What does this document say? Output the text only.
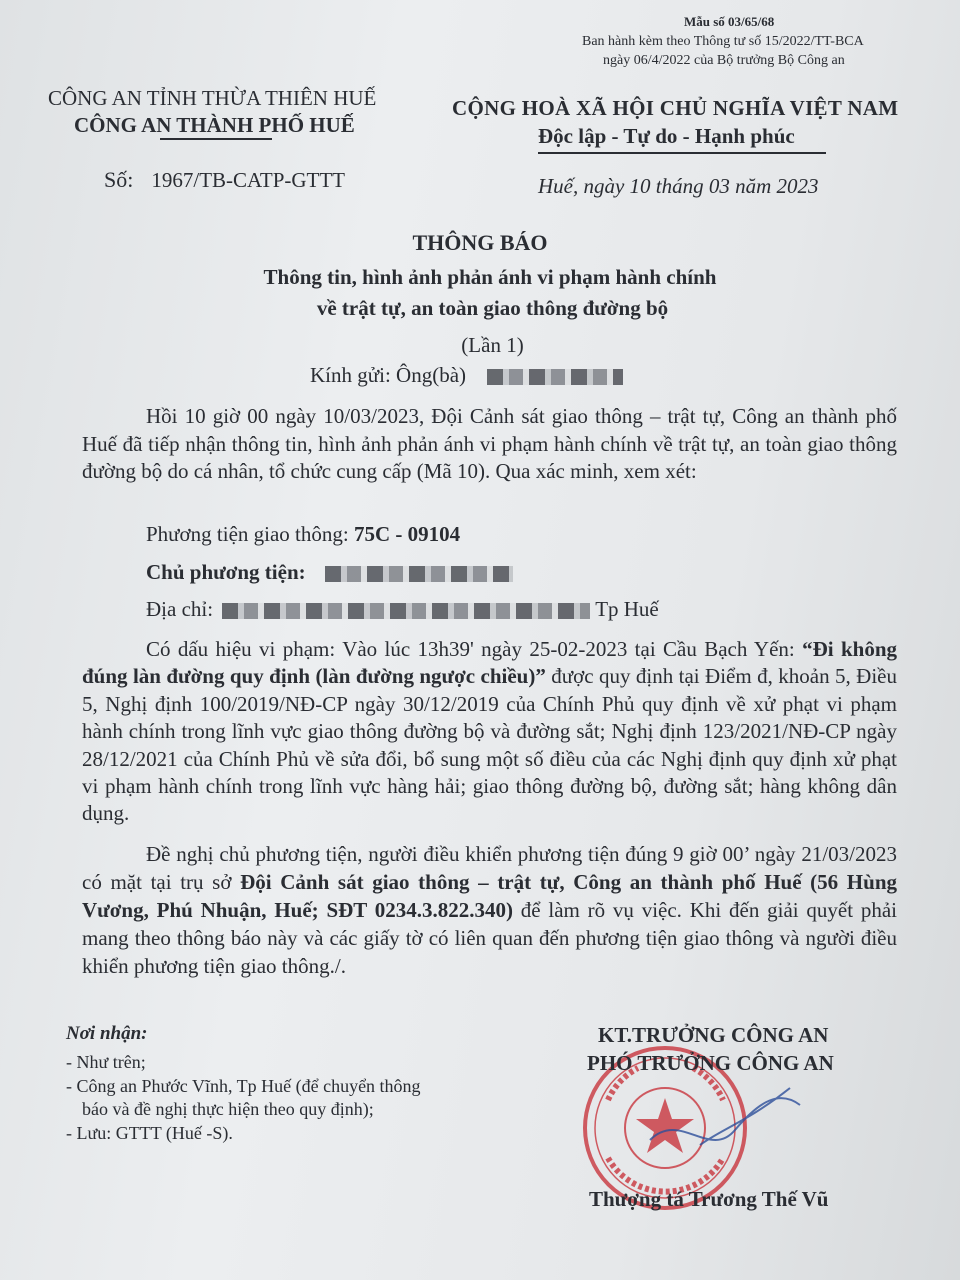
Mẫu số 03/65/68
Ban hành kèm theo Thông tư số 15/2022/TT-BCA
ngày 06/4/2022 của Bộ trưởng Bộ Công an
CÔNG AN TỈNH THỪA THIÊN HUẾ
CÔNG AN THÀNH PHỐ HUẾ
CỘNG HOÀ XÃ HỘI CHỦ NGHĨA VIỆT NAM
Độc lập - Tự do - Hạnh phúc
Số: 1967/TB-CATP-GTTT	Huế, ngày 10 tháng 03 năm 2023
THÔNG BÁO
Thông tin, hình ảnh phản ánh vi phạm hành chính
về trật tự, an toàn giao thông đường bộ
(Lần 1)
Kính gửi: Ông(bà)
Hồi 10 giờ 00 ngày 10/03/2023, Đội Cảnh sát giao thông – trật tự, Công an thành phố Huế đã tiếp nhận thông tin, hình ảnh phản ánh vi phạm hành chính về trật tự, an toàn giao thông đường bộ do cá nhân, tổ chức cung cấp (Mã 10). Qua xác minh, xem xét:
Phương tiện giao thông: 75C - 09104
Chủ phương tiện:
Địa chỉ:	Tp Huế
Có dấu hiệu vi phạm: Vào lúc 13h39' ngày 25-02-2023 tại Cầu Bạch Yến: “Đi không đúng làn đường quy định (làn đường ngược chiều)” được quy định tại Điểm đ, khoản 5, Điều 5, Nghị định 100/2019/NĐ-CP ngày 30/12/2019 của Chính Phủ quy định về xử phạt vi phạm hành chính trong lĩnh vực giao thông đường bộ và đường sắt; Nghị định 123/2021/NĐ-CP ngày 28/12/2021 của Chính Phủ về sửa đổi, bổ sung một số điều của các Nghị định quy định xử phạt vi phạm hành chính trong lĩnh vực hàng hải; giao thông đường bộ, đường sắt; hàng không dân dụng.
Đề nghị chủ phương tiện, người điều khiển phương tiện đúng 9 giờ 00’ ngày 21/03/2023 có mặt tại trụ sở Đội Cảnh sát giao thông – trật tự, Công an thành phố Huế (56 Hùng Vương, Phú Nhuận, Huế; SĐT 0234.3.822.340) để làm rõ vụ việc. Khi đến giải quyết phải mang theo thông báo này và các giấy tờ có liên quan đến phương tiện giao thông và người điều khiển phương tiện giao thông./.
Nơi nhận:
- Như trên;
- Công an Phước Vĩnh, Tp Huế (để chuyển thông
báo và đề nghị thực hiện theo quy định);
- Lưu: GTTT (Huế -S).
KT.TRƯỞNG CÔNG AN
PHÓ TRƯỞNG CÔNG AN
Thượng tá Trương Thế Vũ
